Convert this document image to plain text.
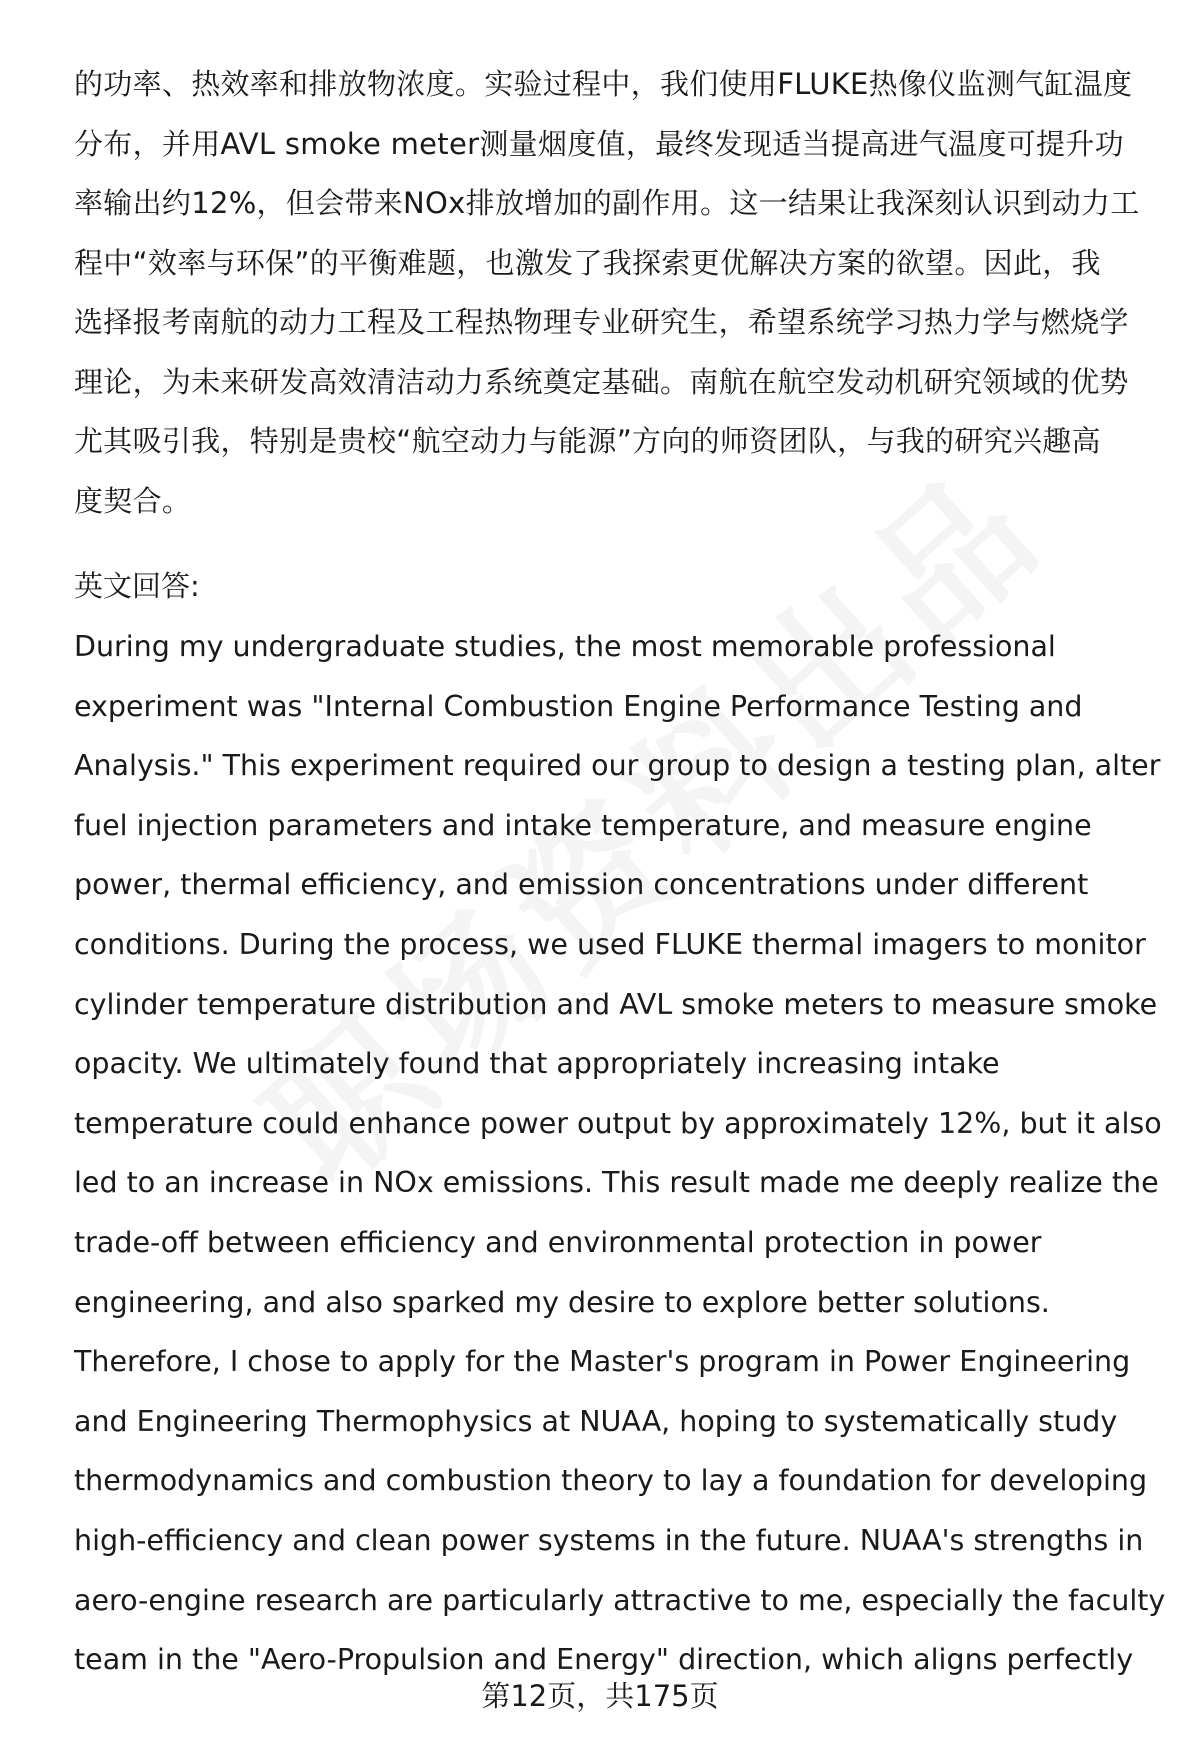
的功率、热效率和排放物浓度。实验过程中，我们使用FLUKE热像仪监测气缸温度
分布，并用AVL smoke meter测量烟度值，最终发现适当提高进气温度可提升功
率输出约12%，但会带来NOx排放增加的副作用。这一结果让我深刻认识到动力工
程中“效率与环保”的平衡难题，也激发了我探索更优解决方案的欲望。因此，我
选择报考南航的动力工程及工程热物理专业研究生，希望系统学习热力学与燃烧学
理论，为未来研发高效清洁动力系统奠定基础。南航在航空发动机研究领域的优势
尤其吸引我，特别是贵校“航空动力与能源”方向的师资团队，与我的研究兴趣高
度契合。

英文回答:

During my undergraduate studies, the most memorable professional
experiment was "Internal Combustion Engine Performance Testing and
Analysis." This experiment required our group to design a testing plan, alter
fuel injection parameters and intake temperature, and measure engine
power, thermal efficiency, and emission concentrations under different
conditions. During the process, we used FLUKE thermal imagers to monitor
cylinder temperature distribution and AVL smoke meters to measure smoke
opacity. We ultimately found that appropriately increasing intake
temperature could enhance power output by approximately 12%, but it also
led to an increase in NOx emissions. This result made me deeply realize the
trade-off between efficiency and environmental protection in power
engineering, and also sparked my desire to explore better solutions.
Therefore, I chose to apply for the Master's program in Power Engineering
and Engineering Thermophysics at NUAA, hoping to systematically study
thermodynamics and combustion theory to lay a foundation for developing
high-efficiency and clean power systems in the future. NUAA's strengths in
aero-engine research are particularly attractive to me, especially the faculty
team in the "Aero-Propulsion and Energy" direction, which aligns perfectly

第12页，共175页
